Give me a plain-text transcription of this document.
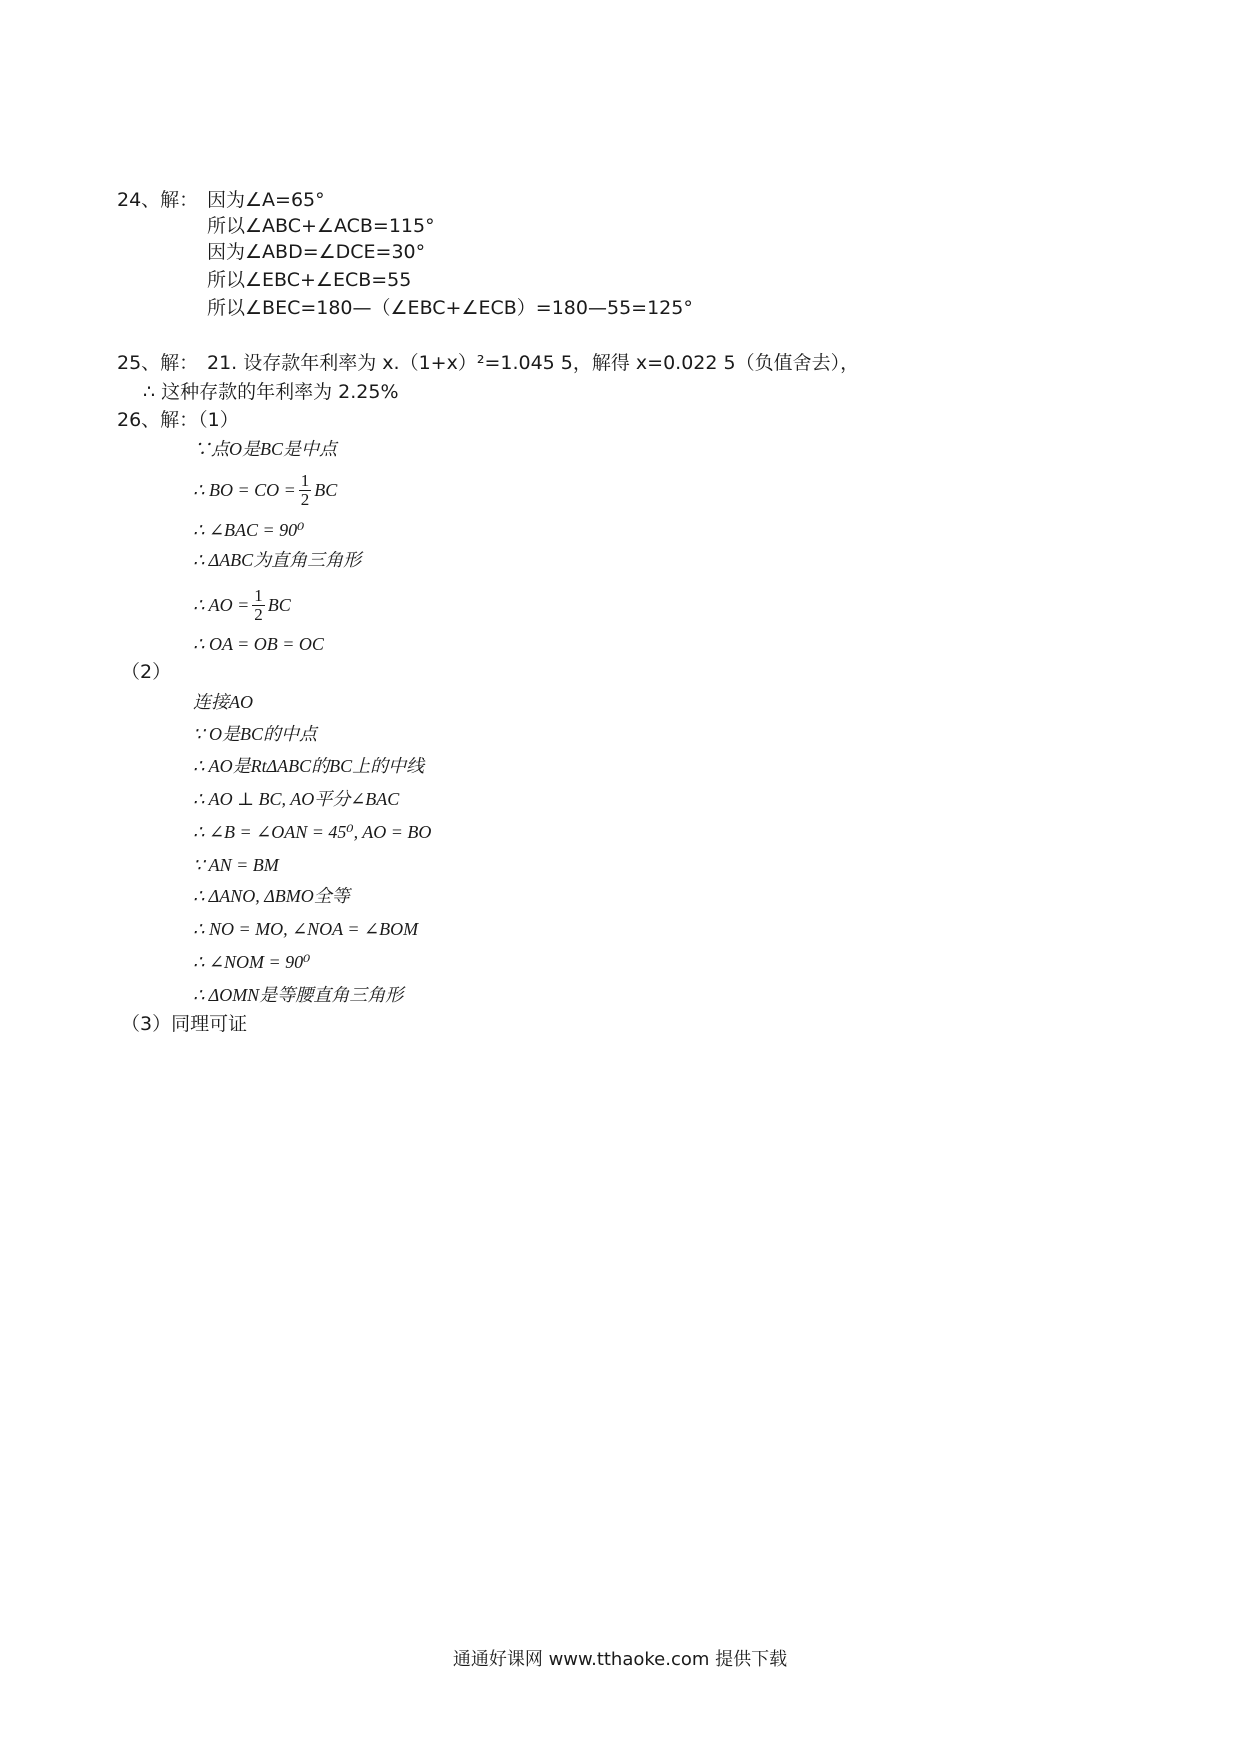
24、解： 因为∠A=65°
所以∠ABC+∠ACB=115°
因为∠ABD=∠DCE=30°
所以∠EBC+∠ECB=55
所以∠BEC=180—（∠EBC+∠ECB）=180—55=125°
25、解： 21. 设存款年利率为 x.（1+x）²=1.045 5，解得 x=0.022 5（负值舍去），
∴ 这种存款的年利率为 2.25%
26、解：（1）
∵点O是BC是中点
∴ BO = CO = $\frac{1}{2}$ BC
∴ ∠BAC = 90⁰
∴ ΔABC为直角三角形
∴ AO = $\frac{1}{2}$ BC
∴ OA = OB = OC
（2）
连接AO
∵ O是BC的中点
∴ AO是RtΔABC的BC上的中线
∴ AO ⊥ BC, AO平分∠BAC
∴ ∠B = ∠OAN = 45⁰, AO = BO
∵ AN = BM
∴ ΔANO, ΔBMO全等
∴ NO = MO, ∠NOA = ∠BOM
∴ ∠NOM = 90⁰
∴ ΔOMN是等腰直角三角形
（3）同理可证
通通好课网 www.tthaoke.com 提供下载
